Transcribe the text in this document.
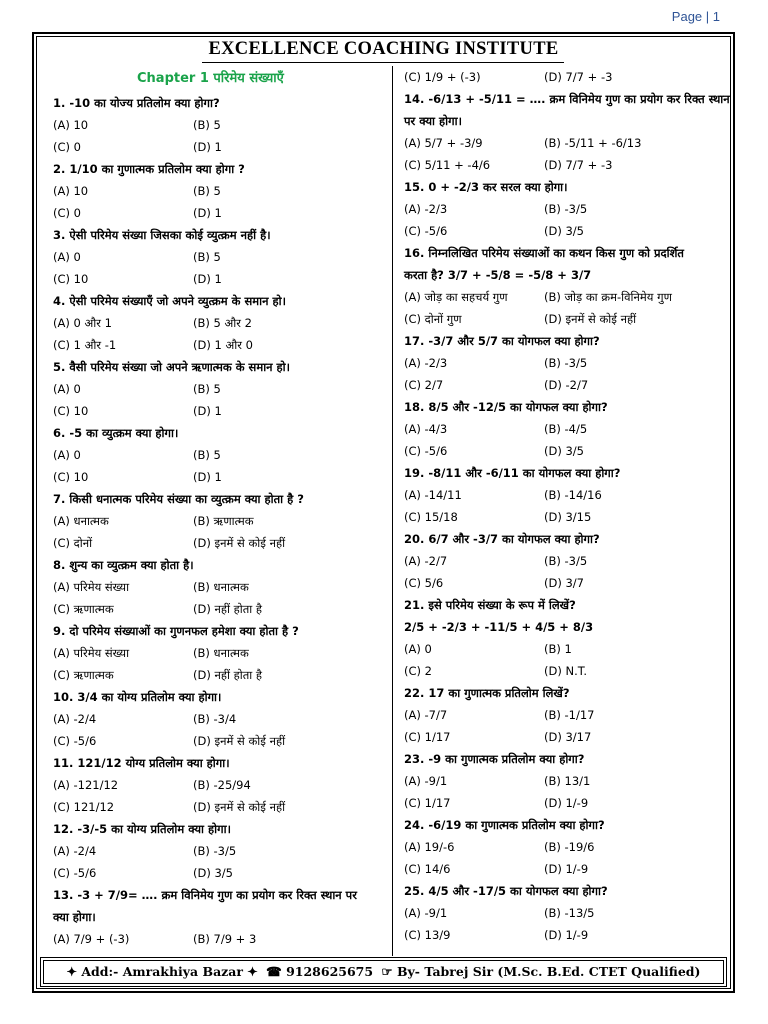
Page | 1
EXCELLENCE COACHING INSTITUTE
Chapter 1 परिमेय संख्याएँ
1. -10 का योज्य प्रतिलोम क्या होगा?
(A) 10	(B) 5
(C) 0	(D) 1
2. 1/10 का गुणात्मक प्रतिलोम क्या होगा ?
(A) 10	(B) 5
(C) 0	(D) 1
3. ऐसी परिमेय संख्या जिसका कोई व्युत्क्रम नहीं है।
(A) 0	(B) 5
(C) 10	(D) 1
4. ऐसी परिमेय संख्याएँ जो अपने व्युत्क्रम के समान हो।
(A) 0 और 1	(B) 5 और 2
(C) 1 और -1	(D) 1 और 0
5. वैसी परिमेय संख्या जो अपने ऋणात्मक के समान हो।
(A) 0	(B) 5
(C) 10	(D) 1
6. -5 का व्युत्क्रम क्या होगा।
(A) 0	(B) 5
(C) 10	(D) 1
7. किसी धनात्मक परिमेय संख्या का व्युत्क्रम क्या होता है ?
(A) धनात्मक	(B) ऋणात्मक
(C) दोनों	(D) इनमें से कोई नहीं
8. शुन्य का व्युत्क्रम क्या होता है।
(A) परिमेय संख्या	(B) धनात्मक
(C) ऋणात्मक	(D) नहीं होता है
9. दो परिमेय संख्याओं का गुणनफल हमेशा क्या होता है ?
(A) परिमेय संख्या	(B) धनात्मक
(C) ऋणात्मक	(D) नहीं होता है
10. 3/4 का योग्य प्रतिलोम क्या होगा।
(A) -2/4	(B) -3/4
(C) -5/6	(D) इनमें से कोई नहीं
11. 121/12 योग्य प्रतिलोम क्या होगा।
(A) -121/12	(B) -25/94
(C) 121/12	(D) इनमें से कोई नहीं
12. -3/-5 का योग्य प्रतिलोम क्या होगा।
(A) -2/4	(B) -3/5
(C) -5/6	(D) 3/5
13. -3 + 7/9= …. क्रम विनिमेय गुण का प्रयोग कर रिक्त स्थान पर
क्या होगा।
(A) 7/9 + (-3)	(B) 7/9 + 3
(C) 1/9 + (-3)	(D) 7/7 + -3
14. -6/13 + -5/11 = …. क्रम विनिमेय गुण का प्रयोग कर रिक्त स्थान
पर क्या होगा।
(A) 5/7 + -3/9	(B) -5/11 + -6/13
(C) 5/11 + -4/6	(D) 7/7 + -3
15. 0 + -2/3 कर सरल क्या होगा।
(A) -2/3	(B) -3/5
(C) -5/6	(D) 3/5
16. निम्नलिखित परिमेय संख्याओं का कथन किस गुण को प्रदर्शित
करता है? 3/7 + -5/8 = -5/8 + 3/7
(A) जोड़ का सहचर्य गुण	(B) जोड़ का क्रम-विनिमेय गुण
(C) दोनों गुण	(D) इनमें से कोई नहीं
17. -3/7 और 5/7 का योगफल क्या होगा?
(A) -2/3	(B) -3/5
(C) 2/7	(D) -2/7
18. 8/5 और -12/5 का योगफल क्या होगा?
(A) -4/3	(B) -4/5
(C) -5/6	(D) 3/5
19. -8/11 और -6/11 का योगफल क्या होगा?
(A) -14/11	(B) -14/16
(C) 15/18	(D) 3/15
20. 6/7 और -3/7 का योगफल क्या होगा?
(A) -2/7	(B) -3/5
(C) 5/6	(D) 3/7
21. इसे परिमेय संख्या के रूप में लिखें?
2/5 + -2/3 + -11/5 + 4/5 + 8/3
(A) 0	(B) 1
(C) 2	(D) N.T.
22. 17 का गुणात्मक प्रतिलोम लिखें?
(A) -7/7	(B) -1/17
(C) 1/17	(D) 3/17
23. -9 का गुणात्मक प्रतिलोम क्या होगा?
(A) -9/1	(B) 13/1
(C) 1/17	(D) 1/-9
24. -6/19 का गुणात्मक प्रतिलोम क्या होगा?
(A) 19/-6	(B) -19/6
(C) 14/6	(D) 1/-9
25. 4/5 और -17/5 का योगफल क्या होगा?
(A) -9/1	(B) -13/5
(C) 13/9	(D) 1/-9
✦ Add:- Amrakhiya Bazar ✦ ☎ 9128625675 ☞ By- Tabrej Sir (M.Sc. B.Ed. CTET Qualified)
